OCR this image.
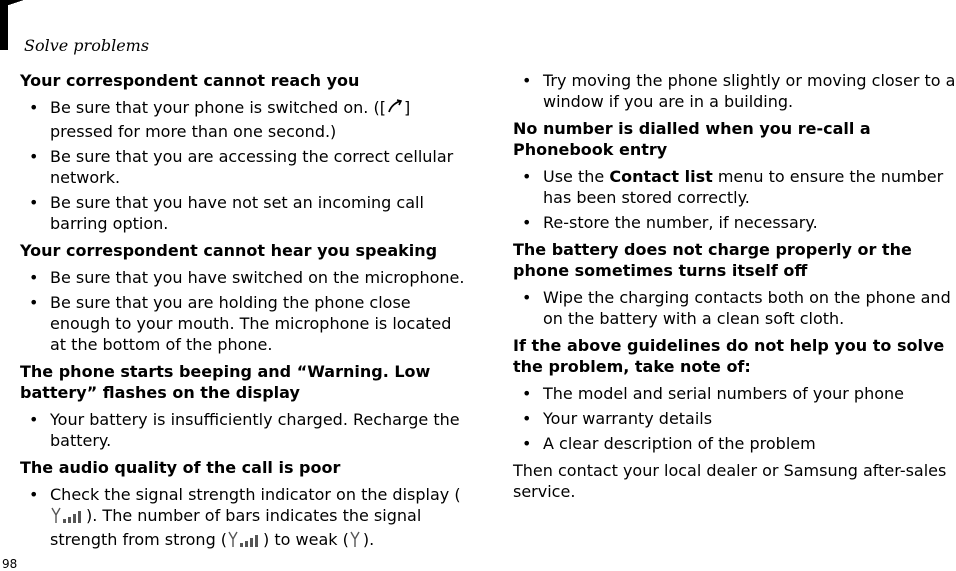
Solve problems

Your correspondent cannot reach you

• Be sure that your phone is switched on. ([ ] pressed for more than one second.)
• Be sure that you are accessing the correct cellular network.
• Be sure that you have not set an incoming call barring option.

Your correspondent cannot hear you speaking

• Be sure that you have switched on the microphone.
• Be sure that you are holding the phone close enough to your mouth. The microphone is located at the bottom of the phone.

The phone starts beeping and “Warning. Low battery” flashes on the display

• Your battery is insufficiently charged. Recharge the battery.

The audio quality of the call is poor

• Check the signal strength indicator on the display (). The number of bars indicates the signal strength from strong ( ) to weak ( ).
• Try moving the phone slightly or moving closer to a window if you are in a building.

No number is dialled when you re-call a Phonebook entry

• Use the Contact list menu to ensure the number has been stored correctly.
• Re-store the number, if necessary.

The battery does not charge properly or the phone sometimes turns itself off

• Wipe the charging contacts both on the phone and on the battery with a clean soft cloth.

If the above guidelines do not help you to solve the problem, take note of:

• The model and serial numbers of your phone
• Your warranty details
• A clear description of the problem

Then contact your local dealer or Samsung after-sales service.

98
